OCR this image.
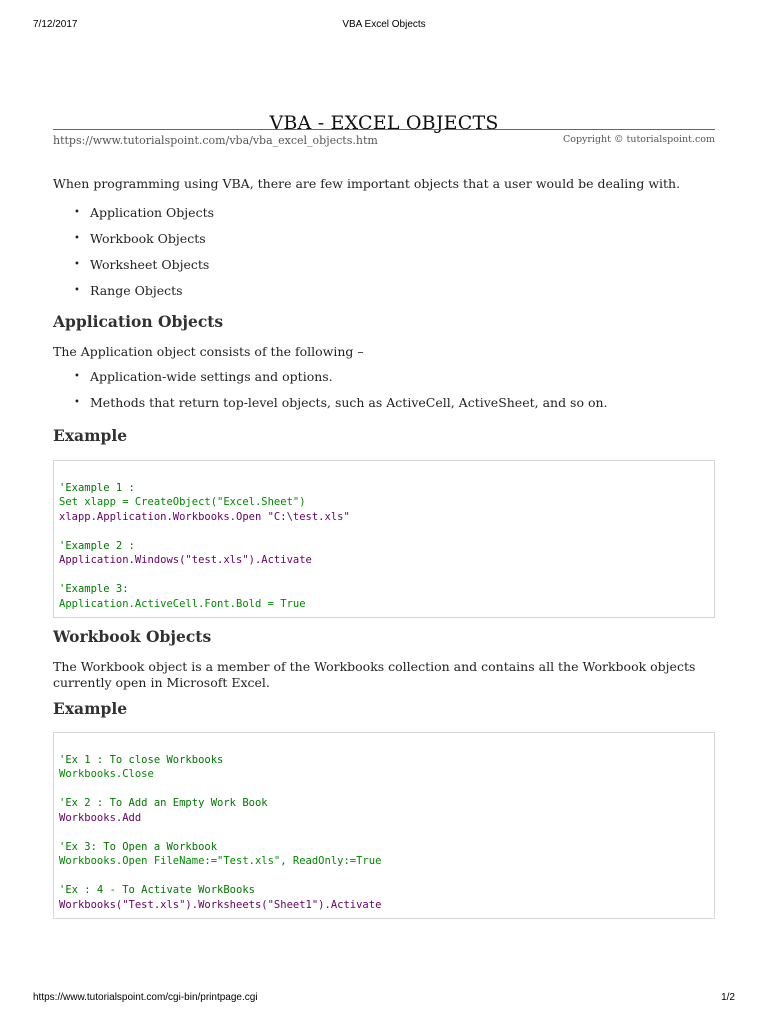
7/12/2017	VBA Excel Objects
VBA - EXCEL OBJECTS
https://www.tutorialspoint.com/vba/vba_excel_objects.htm	Copyright © tutorialspoint.com

When programming using VBA, there are few important objects that a user would be dealing with.

• Application Objects
• Workbook Objects
• Worksheet Objects
• Range Objects
Application Objects

The Application object consists of the following –

• Application-wide settings and options.
• Methods that return top-level objects, such as ActiveCell, ActiveSheet, and so on.
Example

'Example 1 :
Set xlapp = CreateObject("Excel.Sheet")
xlapp.Application.Workbooks.Open "C:\test.xls"

'Example 2 :
Application.Windows("test.xls").Activate

'Example 3:
Application.ActiveCell.Font.Bold = True
Workbook Objects

The Workbook object is a member of the Workbooks collection and contains all the Workbook objects currently open in Microsoft Excel.

Example

'Ex 1 : To close Workbooks
Workbooks.Close

'Ex 2 : To Add an Empty Work Book
Workbooks.Add

'Ex 3: To Open a Workbook
Workbooks.Open FileName:="Test.xls", ReadOnly:=True

'Ex : 4 - To Activate WorkBooks
Workbooks("Test.xls").Worksheets("Sheet1").Activate
https://www.tutorialspoint.com/cgi-bin/printpage.cgi	1/2
